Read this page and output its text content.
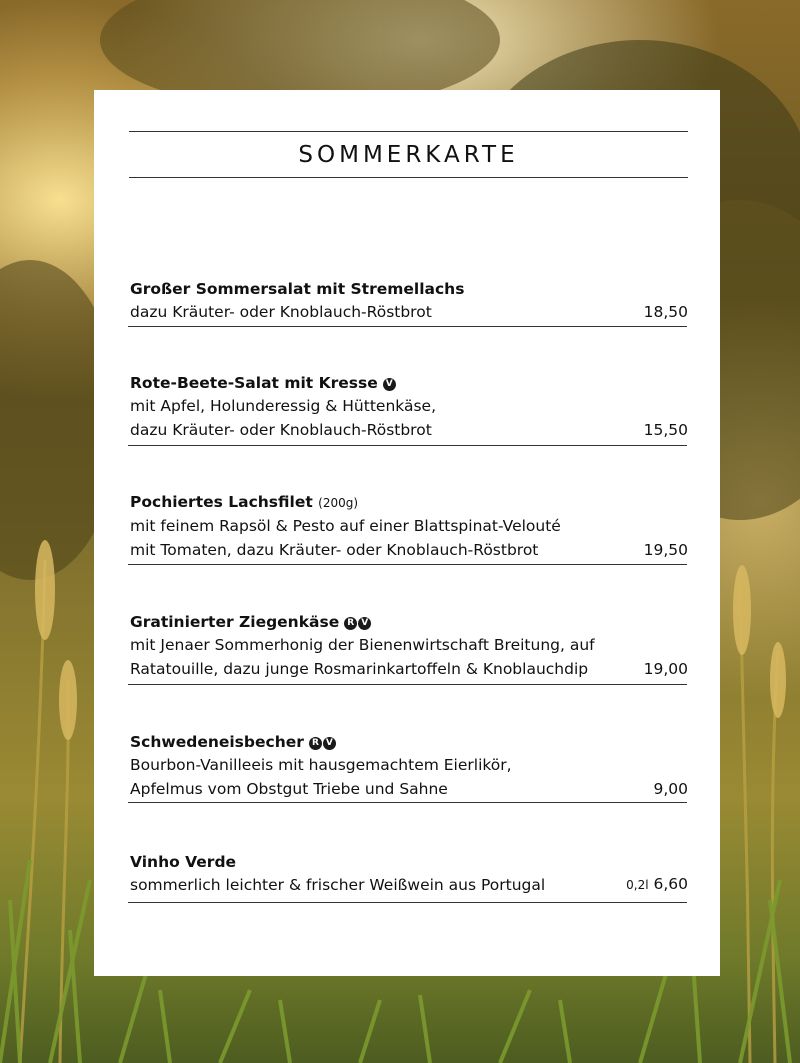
SOMMERKARTE
Großer Sommersalat mit Stremellachs
dazu Kräuter- oder Knoblauch-Röstbrot	18,50
Rote-Beete-Salat mit Kresse V
mit Apfel, Holunderessig & Hüttenkäse,
dazu Kräuter- oder Knoblauch-Röstbrot	15,50
Pochiertes Lachsfilet (200g)
mit feinem Rapsöl & Pesto auf einer Blattspinat-Velouté
mit Tomaten, dazu Kräuter- oder Knoblauch-Röstbrot	19,50
Gratinierter Ziegenkäse R V
mit Jenaer Sommerhonig der Bienenwirtschaft Breitung, auf
Ratatouille, dazu junge Rosmarinkartoffeln & Knoblauchdip	19,00
Schwedeneisbecher R V
Bourbon-Vanilleeis mit hausgemachtem Eierlikör,
Apfelmus vom Obstgut Triebe und Sahne	9,00
Vinho Verde
sommerlich leichter & frischer Weißwein aus Portugal	0,2l 6,60
